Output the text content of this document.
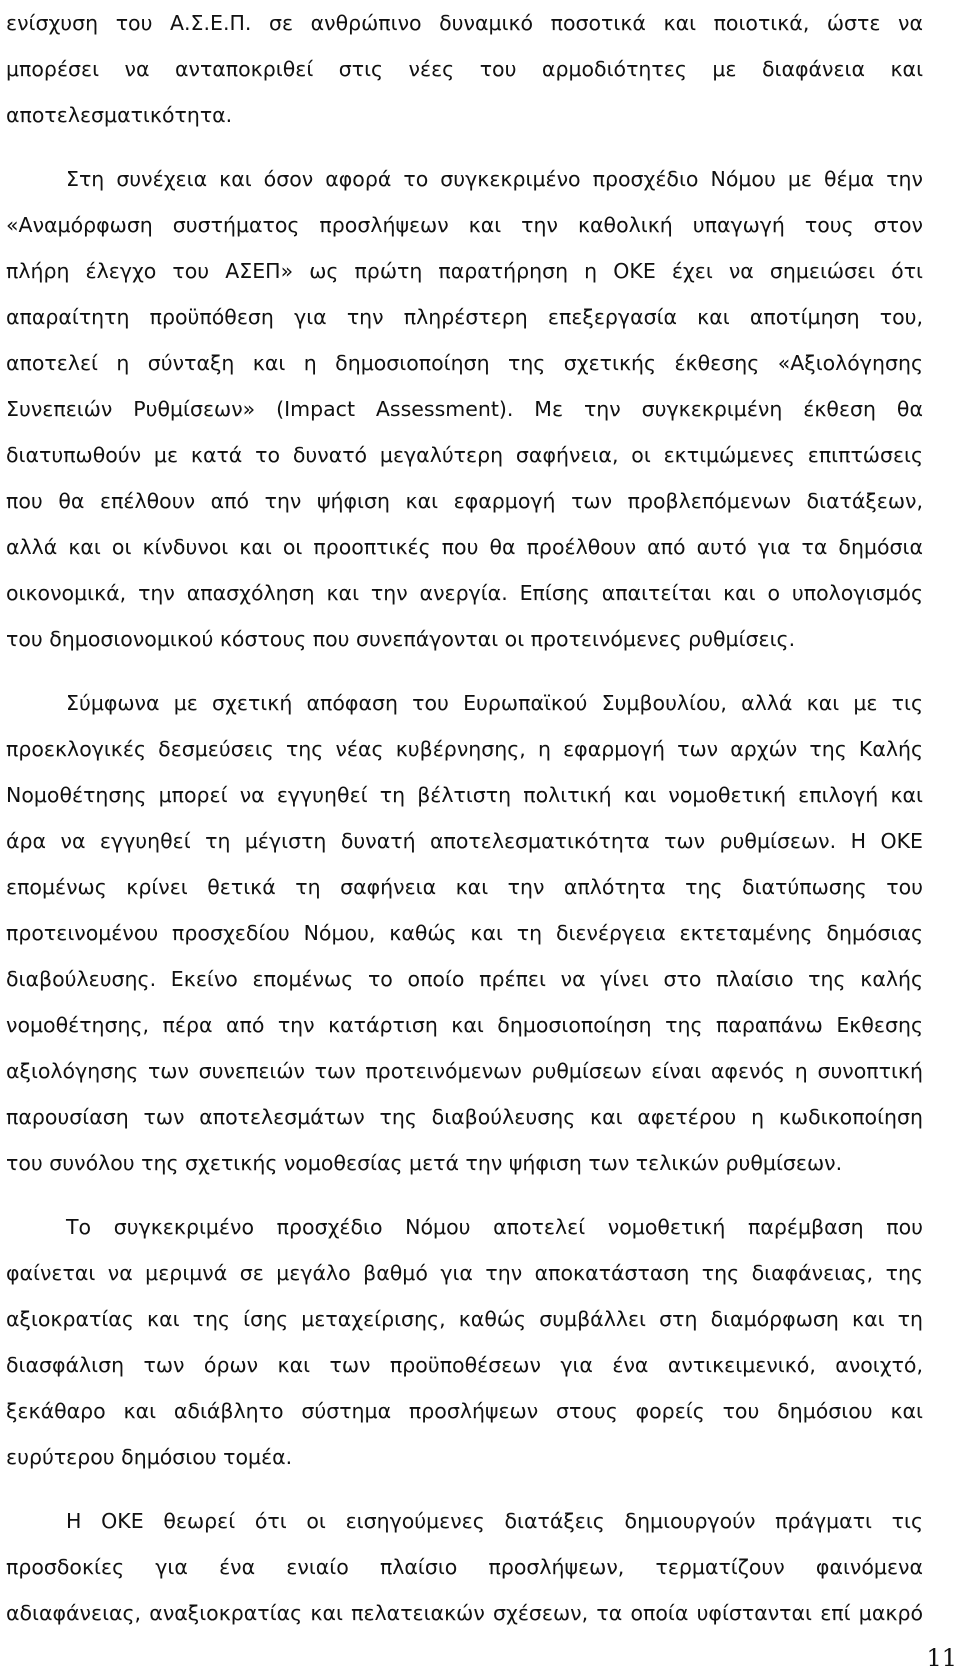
ενίσχυση του Α.Σ.Ε.Π. σε ανθρώπινο δυναμικό ποσοτικά και ποιοτικά, ώστε να
μπορέσει να ανταποκριθεί στις νέες του αρμοδιότητες με διαφάνεια και
αποτελεσματικότητα.
Στη συνέχεια και όσον αφορά το συγκεκριμένο προσχέδιο Νόμου με θέμα την
«Αναμόρφωση συστήματος προσλήψεων και την καθολική υπαγωγή τους στον
πλήρη έλεγχο του ΑΣΕΠ» ως πρώτη παρατήρηση η ΟΚΕ έχει να σημειώσει ότι
απαραίτητη προϋπόθεση για την πληρέστερη επεξεργασία και αποτίμηση του,
αποτελεί η σύνταξη και η δημοσιοποίηση της σχετικής έκθεσης «Αξιολόγησης
Συνεπειών Ρυθμίσεων» (Impact Assessment). Με την συγκεκριμένη έκθεση θα
διατυπωθούν με κατά το δυνατό μεγαλύτερη σαφήνεια, οι εκτιμώμενες επιπτώσεις
που θα επέλθουν από την ψήφιση και εφαρμογή των προβλεπόμενων διατάξεων,
αλλά και οι κίνδυνοι και οι προοπτικές που θα προέλθουν από αυτό για τα δημόσια
οικονομικά, την απασχόληση και την ανεργία. Επίσης απαιτείται και ο υπολογισμός
του δημοσιονομικού κόστους που συνεπάγονται οι προτεινόμενες ρυθμίσεις.
Σύμφωνα με σχετική απόφαση του Ευρωπαϊκού Συμβουλίου, αλλά και με τις
προεκλογικές δεσμεύσεις της νέας κυβέρνησης, η εφαρμογή των αρχών της Καλής
Νομοθέτησης μπορεί να εγγυηθεί τη βέλτιστη πολιτική και νομοθετική επιλογή και
άρα να εγγυηθεί τη μέγιστη δυνατή αποτελεσματικότητα των ρυθμίσεων. Η ΟΚΕ
επομένως κρίνει θετικά τη σαφήνεια και την απλότητα της διατύπωσης του
προτεινομένου προσχεδίου Νόμου, καθώς και τη διενέργεια εκτεταμένης δημόσιας
διαβούλευσης. Εκείνο επομένως το οποίο πρέπει να γίνει στο πλαίσιο της καλής
νομοθέτησης, πέρα από την κατάρτιση και δημοσιοποίηση της παραπάνω Εκθεσης
αξιολόγησης των συνεπειών των προτεινόμενων ρυθμίσεων είναι αφενός η συνοπτική
παρουσίαση των αποτελεσμάτων της διαβούλευσης και αφετέρου η κωδικοποίηση
του συνόλου της σχετικής νομοθεσίας μετά την ψήφιση των τελικών ρυθμίσεων.
Το συγκεκριμένο προσχέδιο Νόμου αποτελεί νομοθετική παρέμβαση που
φαίνεται να μεριμνά σε μεγάλο βαθμό για την αποκατάσταση της διαφάνειας, της
αξιοκρατίας και της ίσης μεταχείρισης, καθώς συμβάλλει στη διαμόρφωση και τη
διασφάλιση των όρων και των προϋποθέσεων για ένα αντικειμενικό, ανοιχτό,
ξεκάθαρο και αδιάβλητο σύστημα προσλήψεων στους φορείς του δημόσιου και
ευρύτερου δημόσιου τομέα.
Η ΟΚΕ θεωρεί ότι οι εισηγούμενες διατάξεις δημιουργούν πράγματι τις
προσδοκίες για ένα ενιαίο πλαίσιο προσλήψεων, τερματίζουν φαινόμενα
αδιαφάνειας, αναξιοκρατίας και πελατειακών σχέσεων, τα οποία υφίστανται επί μακρό
11
